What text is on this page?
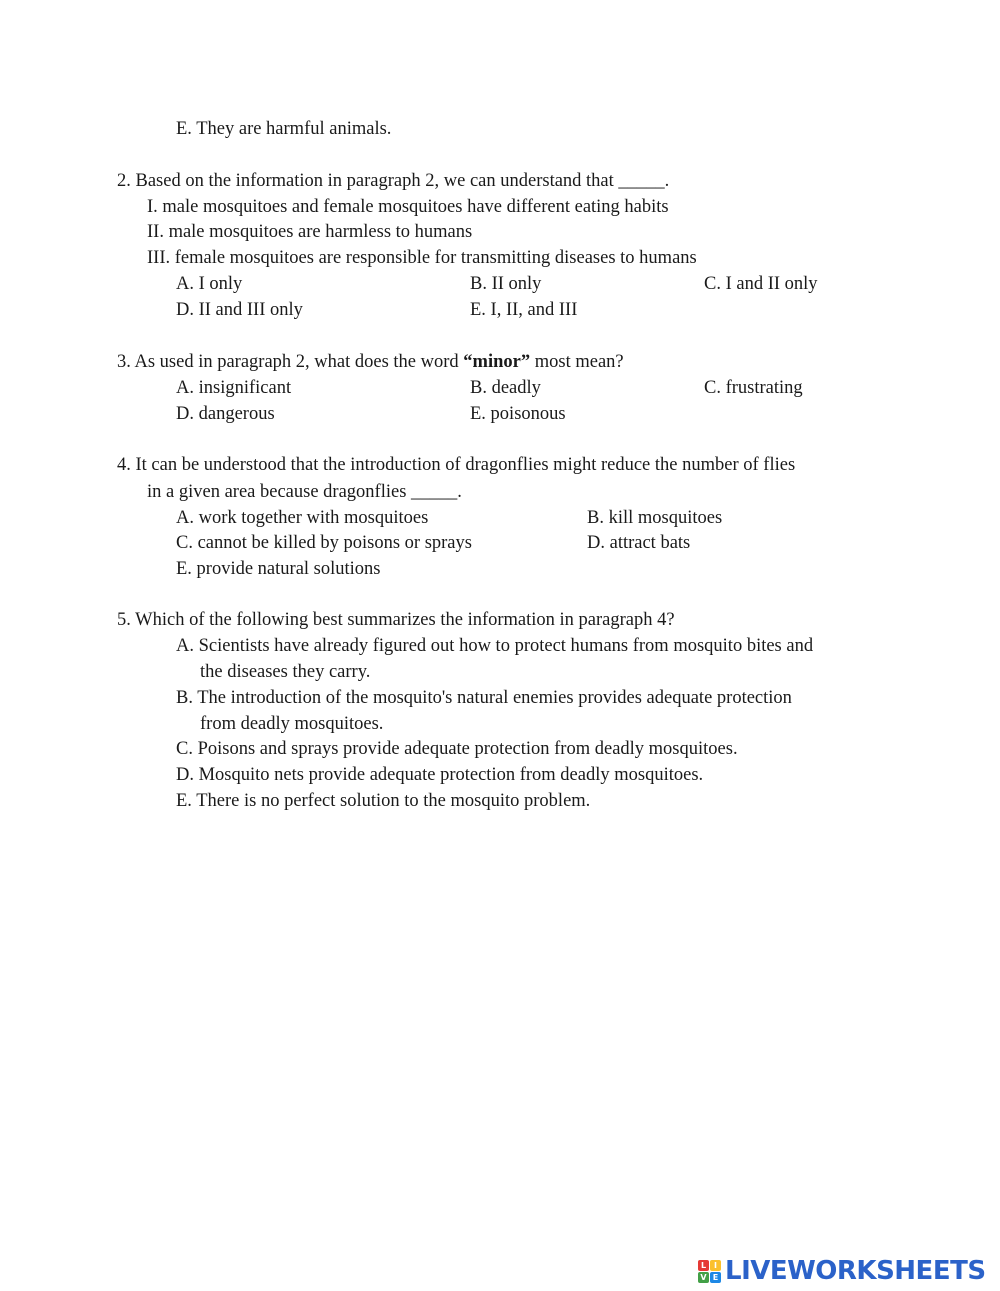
E. They are harmful animals.
2. Based on the information in paragraph 2, we can understand that _____.
I. male mosquitoes and female mosquitoes have different eating habits
II. male mosquitoes are harmless to humans
III. female mosquitoes are responsible for transmitting diseases to humans
A. I only	B. II only	C. I and II only
D. II and III only	E. I, II, and III
3. As used in paragraph 2, what does the word “minor” most mean?
A. insignificant	B. deadly	C. frustrating
D. dangerous	E. poisonous
4. It can be understood that the introduction of dragonflies might reduce the number of flies
in a given area because dragonflies _____.
A. work together with mosquitoes	B. kill mosquitoes
C. cannot be killed by poisons or sprays	D. attract bats
E. provide natural solutions
5. Which of the following best summarizes the information in paragraph 4?
A. Scientists have already figured out how to protect humans from mosquito bites and
the diseases they carry.
B. The introduction of the mosquito's natural enemies provides adequate protection
from deadly mosquitoes.
C. Poisons and sprays provide adequate protection from deadly mosquitoes.
D. Mosquito nets provide adequate protection from deadly mosquitoes.
E. There is no perfect solution to the mosquito problem.
L I
V E LIVEWORKSHEETS
